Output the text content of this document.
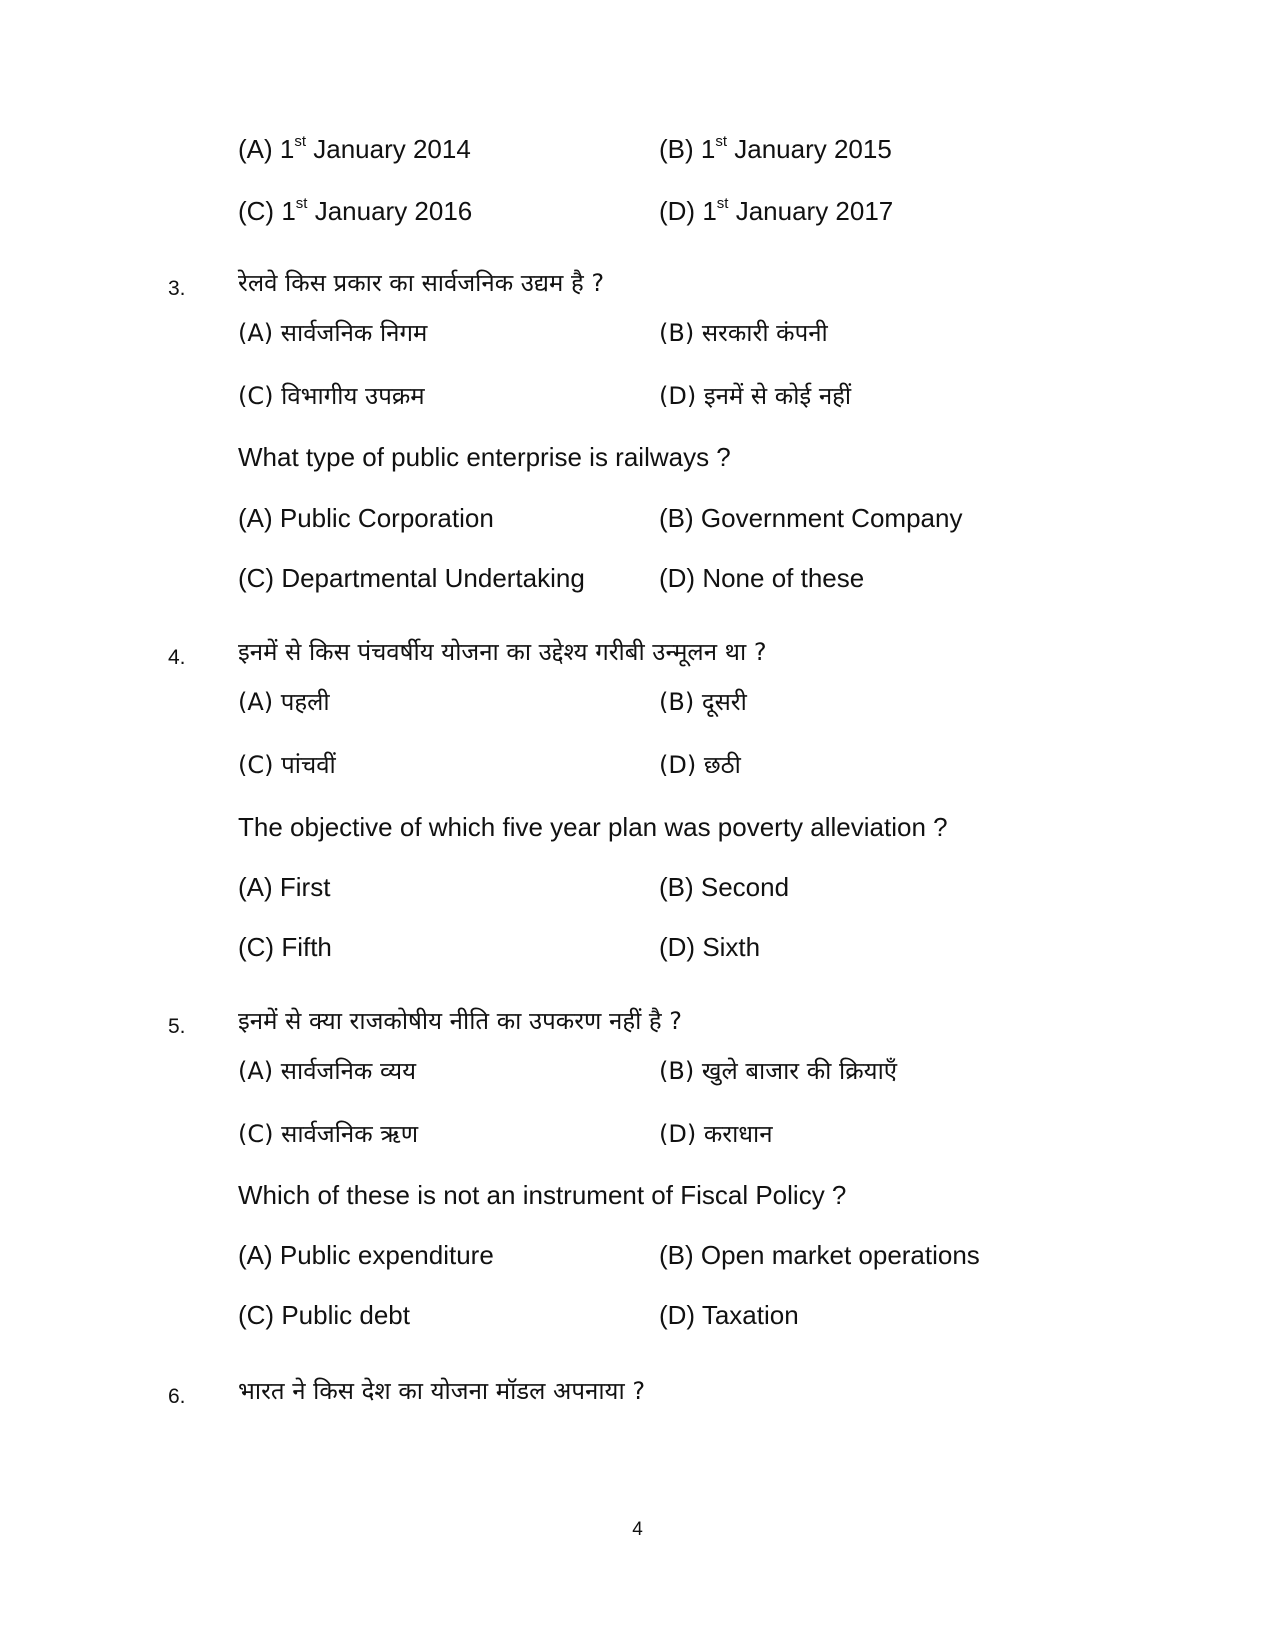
(A) 1st January 2014	(B) 1st January 2015
(C) 1st January 2016	(D) 1st January 2017
3. रेलवे किस प्रकार का सार्वजनिक उद्यम है ?
(A) सार्वजनिक निगम	(B) सरकारी कंपनी
(C) विभागीय उपक्रम	(D) इनमें से कोई नहीं
What type of public enterprise is railways ?
(A) Public Corporation	(B) Government Company
(C) Departmental Undertaking	(D) None of these
4. इनमें से किस पंचवर्षीय योजना का उद्देश्य गरीबी उन्मूलन था ?
(A) पहली	(B) दूसरी
(C) पांचवीं	(D) छठी
The objective of which five year plan was poverty alleviation ?
(A) First	(B) Second
(C) Fifth	(D) Sixth
5. इनमें से क्या राजकोषीय नीति का उपकरण नहीं है ?
(A) सार्वजनिक व्यय	(B) खुले बाजार की क्रियाएँ
(C) सार्वजनिक ऋण	(D) कराधान
Which of these is not an instrument of Fiscal Policy ?
(A) Public expenditure	(B) Open market operations
(C) Public debt	(D) Taxation
6. भारत ने किस देश का योजना मॉडल अपनाया ?
4
